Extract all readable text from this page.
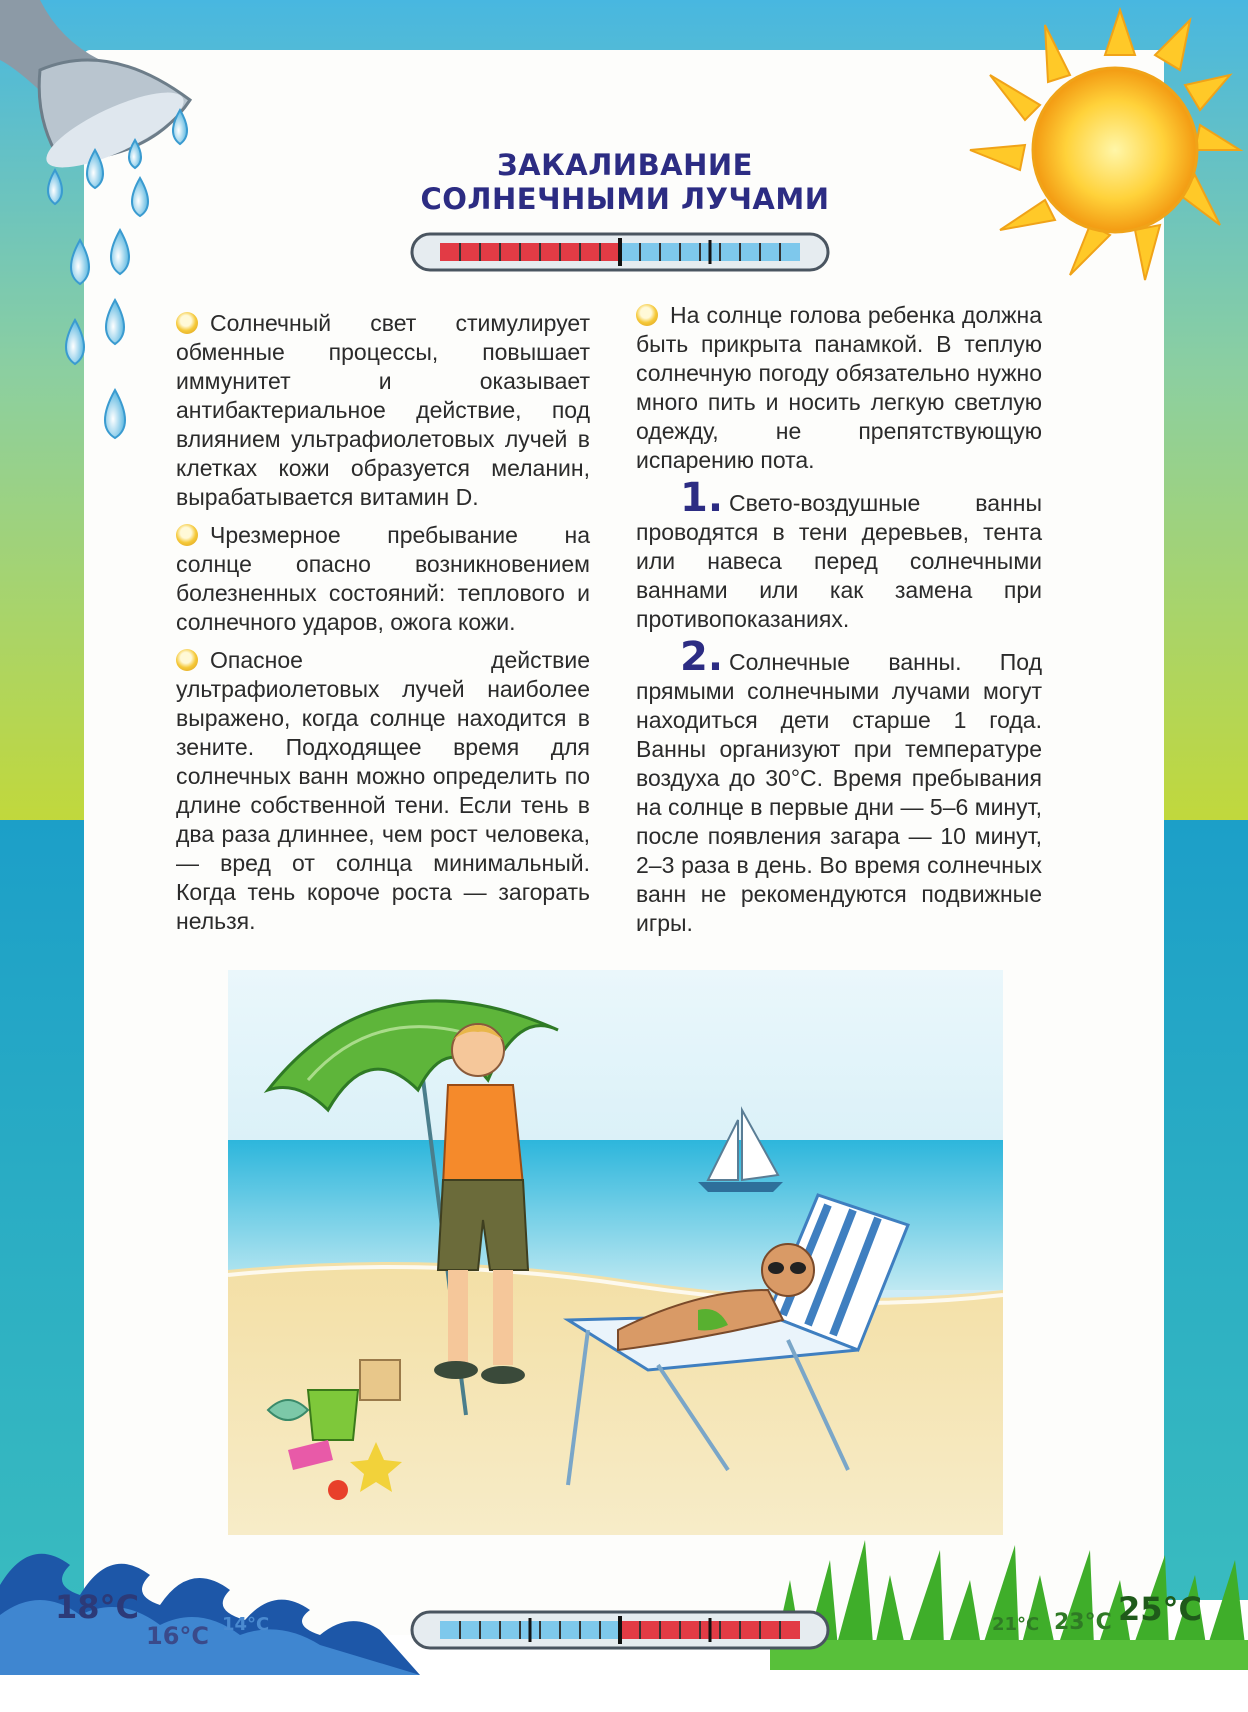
ЗАКАЛИВАНИЕ
СОЛНЕЧНЫМИ ЛУЧАМИ

Солнечный свет стимулирует обменные процессы, повышает иммунитет и оказывает антибактериальное действие, под влиянием ультрафиолетовых лучей в клетках кожи образуется меланин, вырабатывается витамин D.

Чрезмерное пребывание на солнце опасно возникновением болезненных состояний: теплового и солнечного ударов, ожога кожи.

Опасное действие ультрафиолетовых лучей наиболее выражено, когда солнце находится в зените. Подходящее время для солнечных ванн можно определить по длине собственной тени. Если тень в два раза длиннее, чем рост человека, — вред от солнца минимальный. Когда тень короче роста — загорать нельзя.

На солнце голова ребенка должна быть прикрыта панамкой. В теплую солнечную погоду обязательно нужно много пить и носить легкую светлую одежду, не препятствующую испарению пота.

1. Свето-воздушные ванны проводятся в тени деревьев, тента или навеса перед солнечными ваннами или как замена при противопоказаниях.

2. Солнечные ванны. Под прямыми солнечными лучами могут находиться дети старше 1 года. Ванны организуют при температуре воздуха до 30°С. Время пребывания на солнце в первые дни — 5–6 минут, после появления загара — 10 минут, 2–3 раза в день. Во время солнечных ванн не рекомендуются подвижные игры.

18°C
16°C 14°C	21°C 23°C 25°C
